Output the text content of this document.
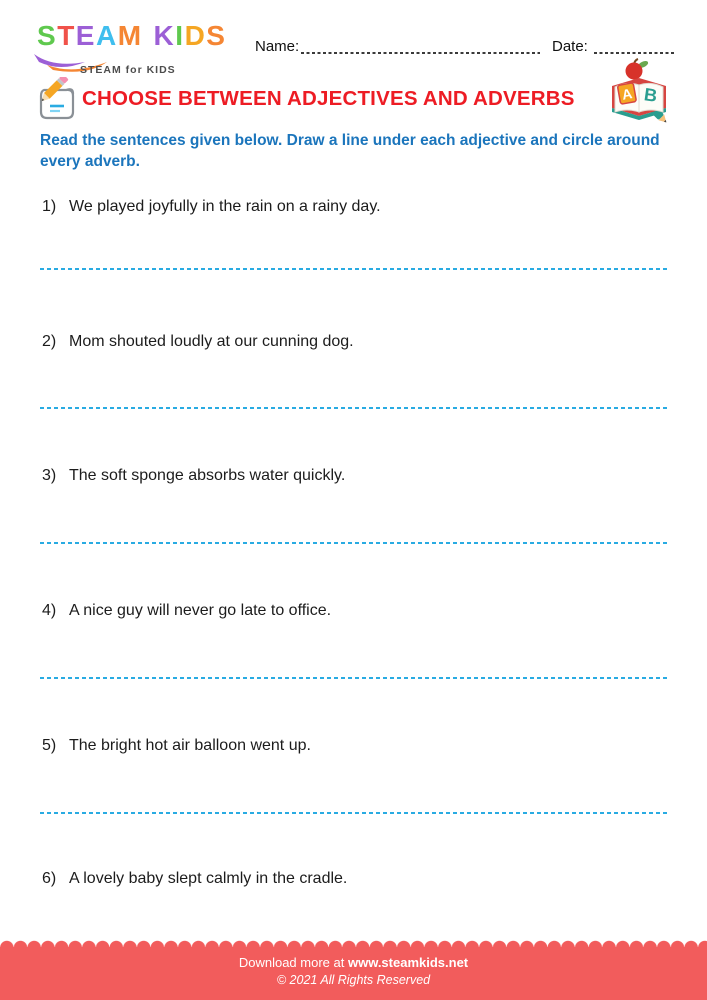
STEAM KIDS
STEAM for KIDS
Name:	Date:
CHOOSE BETWEEN ADJECTIVES AND ADVERBS	A B
Read the sentences given below. Draw a line under each adjective and circle around every adverb.
1) We played joyfully in the rain on a rainy day.
2) Mom shouted loudly at our cunning dog.
3) The soft sponge absorbs water quickly.
4) A nice guy will never go late to office.
5) The bright hot air balloon went up.
6) A lovely baby slept calmly in the cradle.
Download more at www.steamkids.net
© 2021 All Rights Reserved
